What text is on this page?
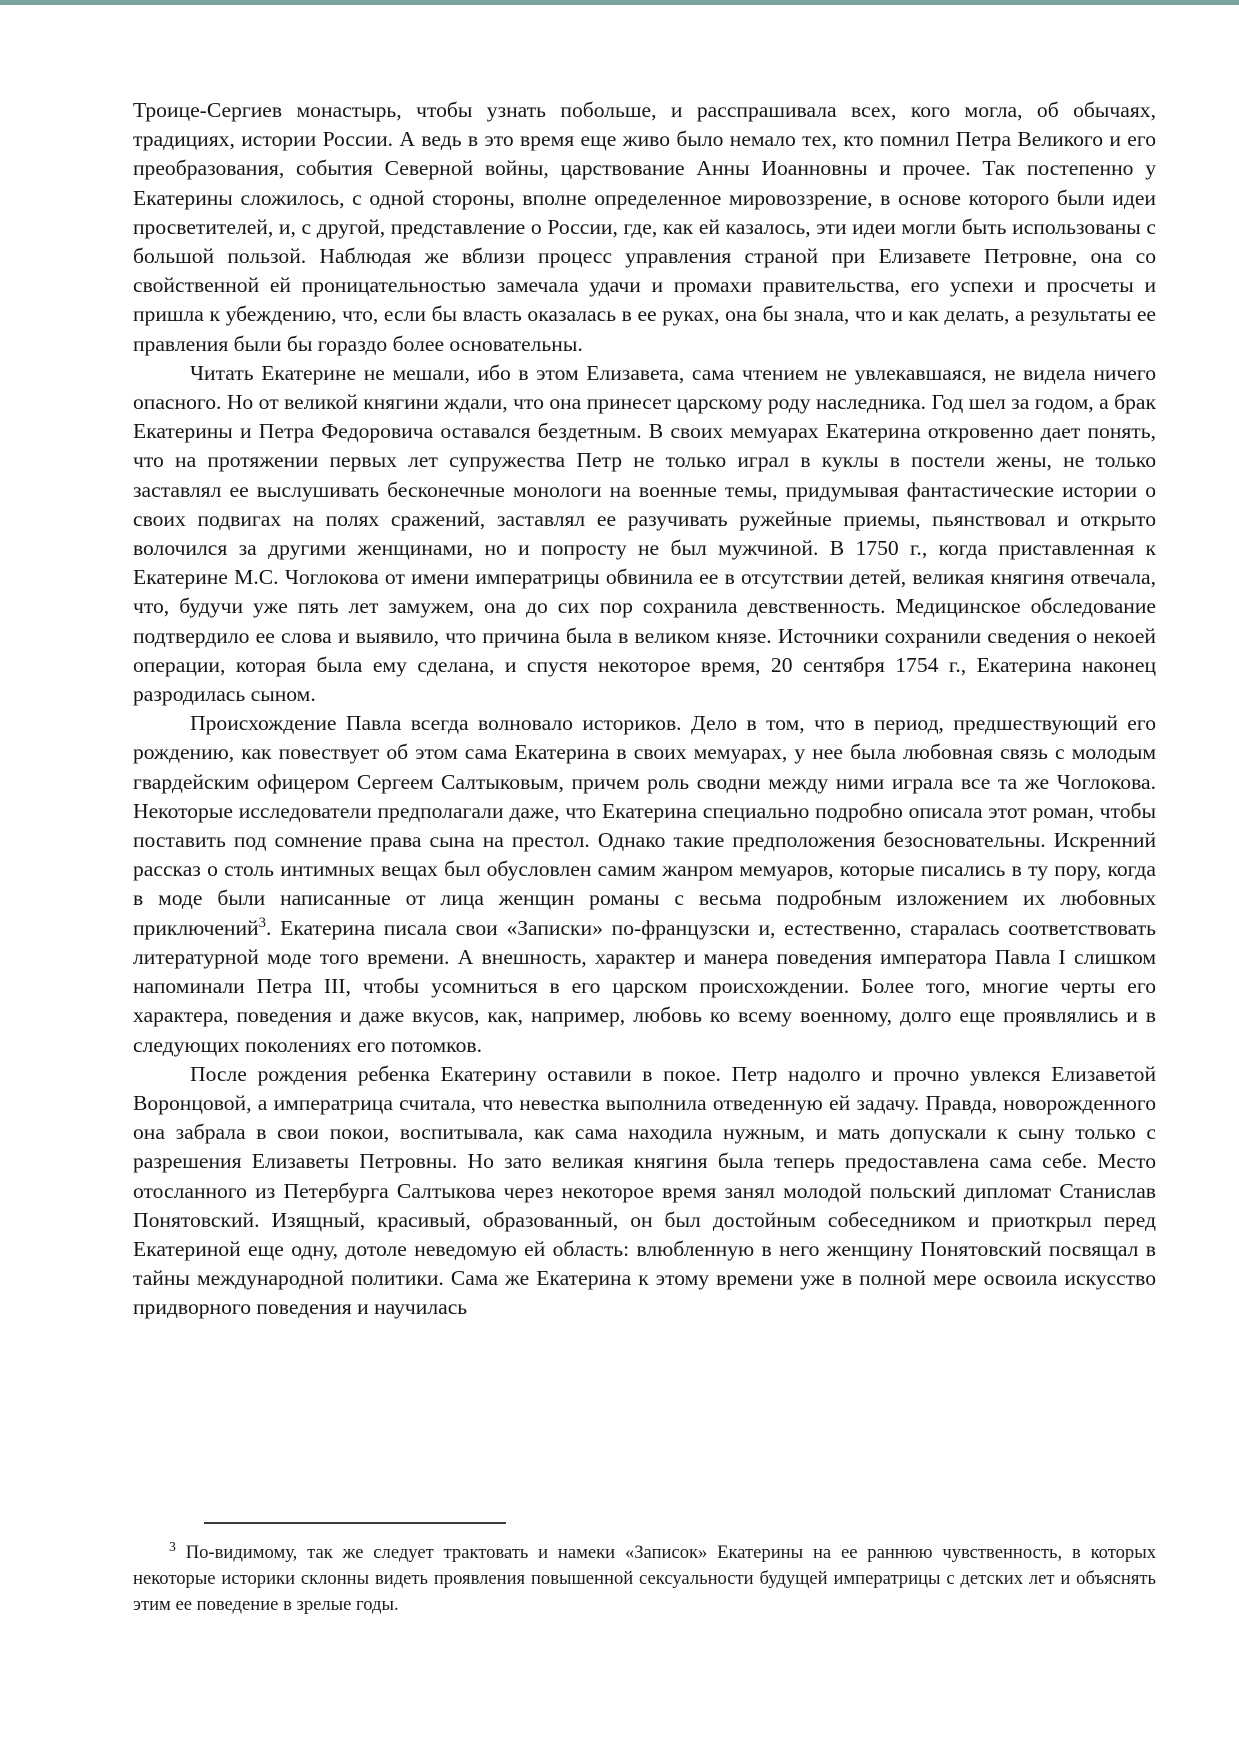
Троице-Сергиев монастырь, чтобы узнать побольше, и расспрашивала всех, кого могла, об обычаях, традициях, истории России. А ведь в это время еще живо было немало тех, кто помнил Петра Великого и его преобразования, события Северной войны, царствование Анны Иоанновны и прочее. Так постепенно у Екатерины сложилось, с одной стороны, вполне определенное мировоззрение, в основе которого были идеи просветителей, и, с другой, представление о России, где, как ей казалось, эти идеи могли быть использованы с большой пользой. Наблюдая же вблизи процесс управления страной при Елизавете Петровне, она со свойственной ей проницательностью замечала удачи и промахи правительства, его успехи и просчеты и пришла к убеждению, что, если бы власть оказалась в ее руках, она бы знала, что и как делать, а результаты ее правления были бы гораздо более основательны.

Читать Екатерине не мешали, ибо в этом Елизавета, сама чтением не увлекавшаяся, не видела ничего опасного. Но от великой княгини ждали, что она принесет царскому роду наследника. Год шел за годом, а брак Екатерины и Петра Федоровича оставался бездетным. В своих мемуарах Екатерина откровенно дает понять, что на протяжении первых лет супружества Петр не только играл в куклы в постели жены, не только заставлял ее выслушивать бесконечные монологи на военные темы, придумывая фантастические истории о своих подвигах на полях сражений, заставлял ее разучивать ружейные приемы, пьянствовал и открыто волочился за другими женщинами, но и попросту не был мужчиной. В 1750 г., когда приставленная к Екатерине М.С. Чоглокова от имени императрицы обвинила ее в отсутствии детей, великая княгиня отвечала, что, будучи уже пять лет замужем, она до сих пор сохранила девственность. Медицинское обследование подтвердило ее слова и выявило, что причина была в великом князе. Источники сохранили сведения о некоей операции, которая была ему сделана, и спустя некоторое время, 20 сентября 1754 г., Екатерина наконец разродилась сыном.

Происхождение Павла всегда волновало историков. Дело в том, что в период, предшествующий его рождению, как повествует об этом сама Екатерина в своих мемуарах, у нее была любовная связь с молодым гвардейским офицером Сергеем Салтыковым, причем роль сводни между ними играла все та же Чоглокова. Некоторые исследователи предполагали даже, что Екатерина специально подробно описала этот роман, чтобы поставить под сомнение права сына на престол. Однако такие предположения безосновательны. Искренний рассказ о столь интимных вещах был обусловлен самим жанром мемуаров, которые писались в ту пору, когда в моде были написанные от лица женщин романы с весьма подробным изложением их любовных приключений$^3$. Екатерина писала свои «Записки» по-французски и, естественно, старалась соответствовать литературной моде того времени. А внешность, характер и манера поведения императора Павла I слишком напоминали Петра III, чтобы усомниться в его царском происхождении. Более того, многие черты его характера, поведения и даже вкусов, как, например, любовь ко всему военному, долго еще проявлялись и в следующих поколениях его потомков.

После рождения ребенка Екатерину оставили в покое. Петр надолго и прочно увлекся Елизаветой Воронцовой, а императрица считала, что невестка выполнила отведенную ей задачу. Правда, новорожденного она забрала в свои покои, воспитывала, как сама находила нужным, и мать допускали к сыну только с разрешения Елизаветы Петровны. Но зато великая княгиня была теперь предоставлена сама себе. Место отосланного из Петербурга Салтыкова через некоторое время занял молодой польский дипломат Станислав Понятовский. Изящный, красивый, образованный, он был достойным собеседником и приоткрыл перед Екатериной еще одну, дотоле неведомую ей область: влюбленную в него женщину Понятовский посвящал в тайны международной политики. Сама же Екатерина к этому времени уже в полной мере освоила искусство придворного поведения и научилась

$^3$ По-видимому, так же следует трактовать и намеки «Записок» Екатерины на ее раннюю чувственность, в которых некоторые историки склонны видеть проявления повышенной сексуальности будущей императрицы с детских лет и объяснять этим ее поведение в зрелые годы.
